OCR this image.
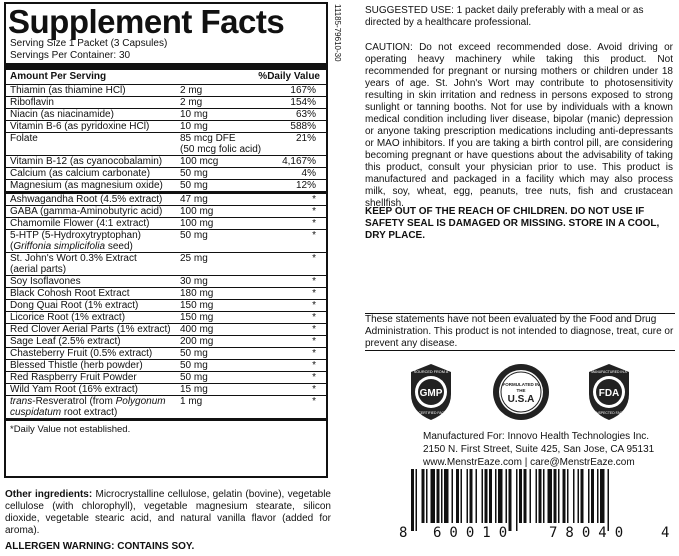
Supplement Facts
Serving Size 1 Packet (3 Capsules)
Servings Per Container: 30
Amount Per Serving	%Daily Value
Thiamin (as thiamine HCl)	2 mg	167%
Riboflavin	2 mg	154%
Niacin (as niacinamide)	10 mg	63%
Vitamin B-6 (as pyridoxine HCl)	10 mg	588%
Folate	85 mcg DFE	21%
(50 mcg folic acid)
Vitamin B-12 (as cyanocobalamin)	100 mcg	4,167%
Calcium (as calcium carbonate)	50 mg	4%
Magnesium (as magnesium oxide)	50 mg	12%
Ashwagandha Root (4.5% extract)	47 mg	*
GABA (gamma-Aminobutyric acid)	100 mg	*
Chamomile Flower (4:1 extract)	100 mg	*
5-HTP (5-Hydroxytryptophan)
(Griffonia simplicifolia seed)
50 mg	*
St. John's Wort 0.3% Extract
(aerial parts)
25 mg	*
Soy Isoflavones	30 mg	*
Black Cohosh Root Extract	180 mg	*
Dong Quai Root (1% extract)	150 mg	*
Licorice Root (1% extract)	150 mg	*
Red Clover Aerial Parts (1% extract) 400 mg	*
Sage Leaf (2.5% extract)	200 mg	*
Chasteberry Fruit (0.5% extract)	50 mg	*
Blessed Thistle (herb powder)	50 mg	*
Red Raspberry Fruit Powder	50 mg	*
Wild Yam Root (16% extract)	15 mg	*
trans-Resveratrol (from Polygonum
cuspidatum root extract)
1 mg	*
*Daily Value not established.
Other ingredients: Microcrystalline cellulose, gelatin (bovine), vegetable cellulose (with chlorophyll), vegetable magnesium stearate, silicon dioxide, vegetable stearic acid, and natural vanilla flavor (added for aroma).
ALLERGEN WARNING: CONTAINS SOY.
11185-79610-30 SUGGESTED USE: 1 packet daily preferably with a meal or as directed by a healthcare professional.
CAUTION: Do not exceed recommended dose. Avoid driving or operating heavy machinery while taking this product. Not recommended for pregnant or nursing mothers or children under 18 years of age. St. John's Wort may contribute to photosensitivity resulting in skin irritation and redness in persons exposed to strong sunlight or tanning booths. Not for use by individuals with a known medical condition including liver disease, bipolar (manic) depression or anyone taking prescription medications including anti-depressants or MAO inhibitors. If you are taking a birth control pill, are considering becoming pregnant or have questions about the advisability of taking this product, consult your physician prior to use. This product is manufactured and packaged in a facility which may also process milk, soy, wheat, egg, peanuts, tree nuts, fish and crustacean shellfish.
KEEP OUT OF THE REACH OF CHILDREN. DO NOT USE IF SAFETY SEAL IS DAMAGED OR MISSING. STORE IN A COOL, DRY PLACE.
These statements have not been evaluated by the Food and Drug Administration. This product is not intended to diagnose, treat, cure or prevent any disease.
GMP
SOURCED FROM A
GMP CERTIFIED FACILITY
FORMULATED IN
THE
U.S.A
FDA
MANUFACTURED IN A
FDA INSPECTED FACILITY
Manufactured For: Innovo Health Technologies Inc.
2150 N. First Street, Suite 425, San Jose, CA 95131
www.MenstrEaze.com | care@MenstrEaze.com
8 60010 78040 4
